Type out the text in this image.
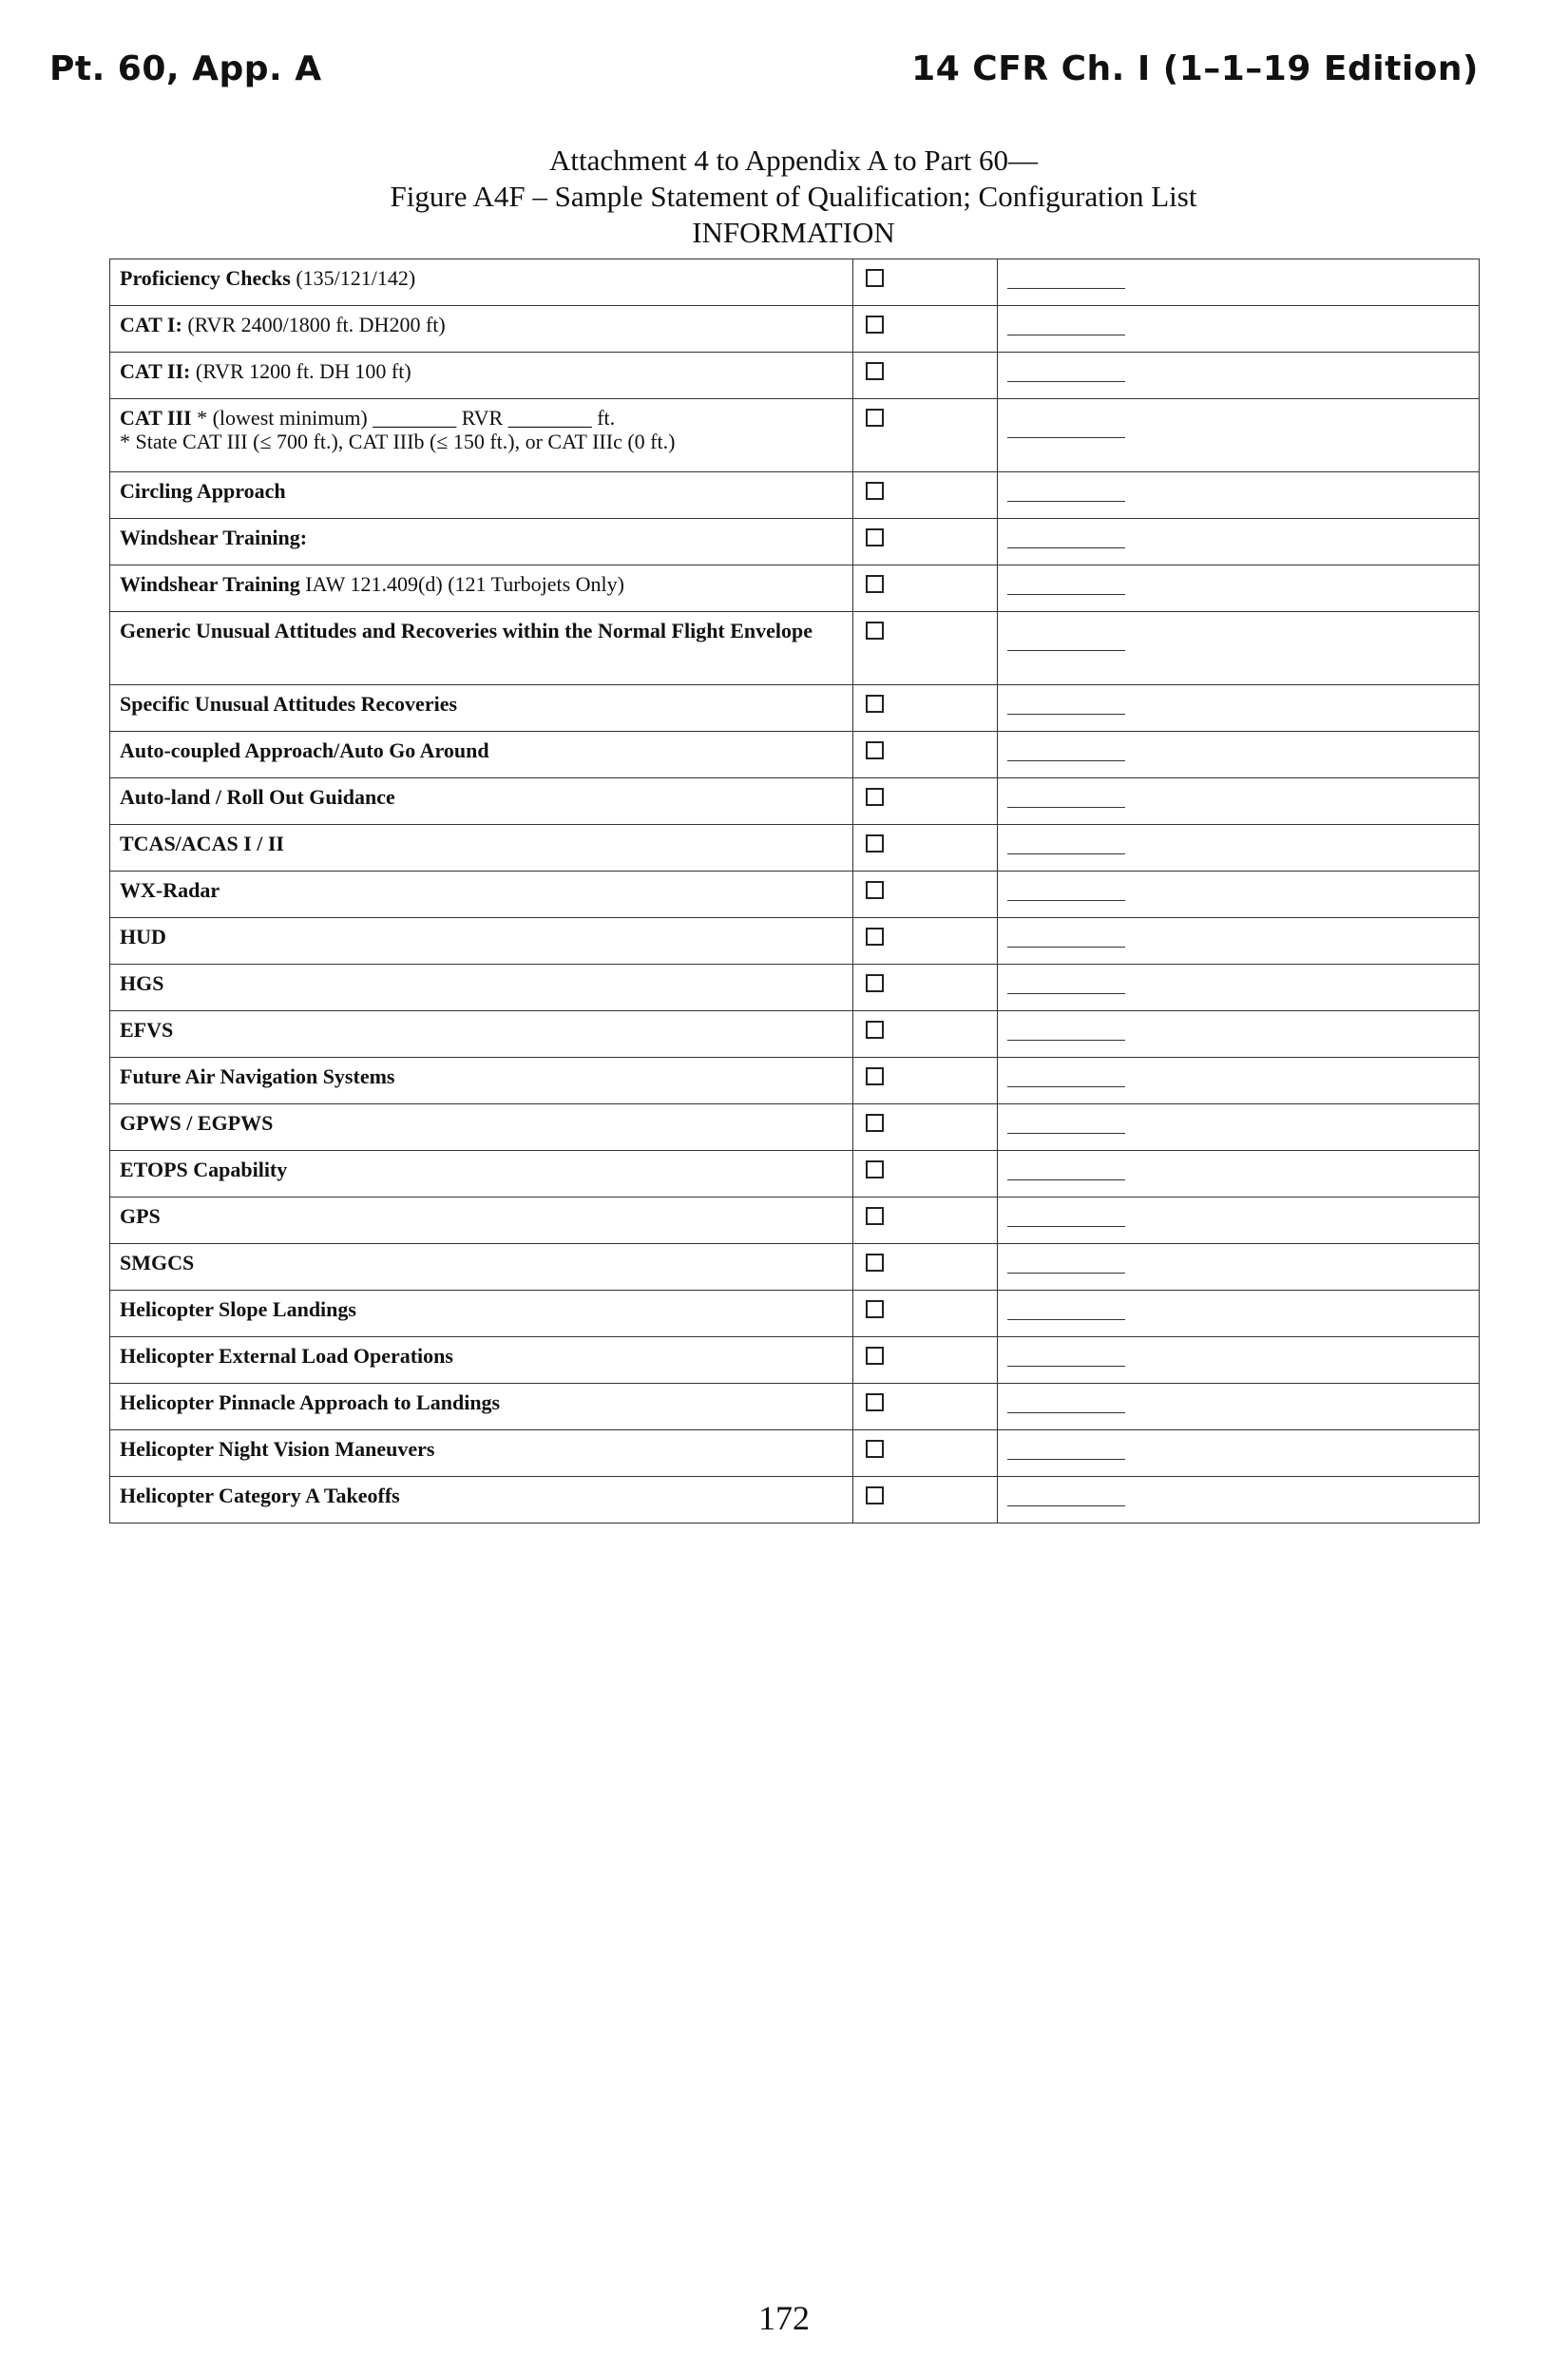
Pt. 60, App. A	14 CFR Ch. I (1–1–19 Edition)
Attachment 4 to Appendix A to Part 60—
Figure A4F – Sample Statement of Qualification; Configuration List
INFORMATION
Proficiency Checks (135/121/142)		

CAT I: (RVR 2400/1800 ft. DH200 ft)		

CAT II: (RVR 1200 ft. DH 100 ft)		

CAT III * (lowest minimum) ________ RVR ________ ft.
* State CAT III (≤ 700 ft.), CAT IIIb (≤ 150 ft.), or CAT IIIc (0 ft.)		

Circling Approach		

Windshear Training:		

Windshear Training IAW 121.409(d) (121 Turbojets Only)		

Generic Unusual Attitudes and Recoveries within the Normal Flight Envelope		

Specific Unusual Attitudes Recoveries		

Auto-coupled Approach/Auto Go Around		

Auto-land / Roll Out Guidance		

TCAS/ACAS I / II		

WX-Radar		

HUD		

HGS		

EFVS		

Future Air Navigation Systems		

GPWS / EGPWS		

ETOPS Capability		

GPS		

SMGCS		

Helicopter Slope Landings		

Helicopter External Load Operations		

Helicopter Pinnacle Approach to Landings		

Helicopter Night Vision Maneuvers		

Helicopter Category A Takeoffs		

172
